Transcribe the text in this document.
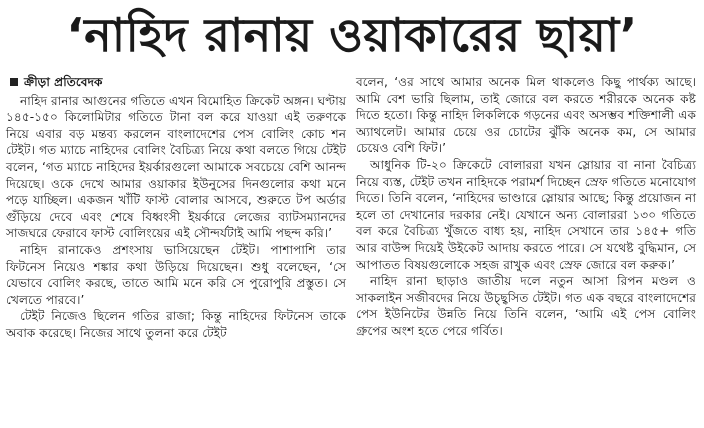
‘নাহিদ রানায় ওয়াকারের ছায়া’
ক্রীড়া প্রতিবেদক

নাহিদ রানার আগুনের গতিতে এখন বিমোহিত ক্রিকেট অঙ্গন। ঘণ্টায় ১৪৫-১৫০ কিলোমিটার গতিতে টানা বল করে যাওয়া এই তরুণকে নিয়ে এবার বড় মন্তব্য করলেন বাংলাদেশের পেস বোলিং কোচ শন টেইট। গত ম্যাচে নাহিদের বোলিং বৈচিত্র্য নিয়ে কথা বলতে গিয়ে টেইট বলেন, ‘গত ম্যাচে নাহিদের ইয়র্কারগুলো আমাকে সবচেয়ে বেশি আনন্দ দিয়েছে। ওকে দেখে আমার ওয়াকার ইউনুসের দিনগুলোর কথা মনে পড়ে যাচ্ছিল। একজন খাঁটি ফাস্ট বোলার আসবে, শুরুতে টপ অর্ডার গুঁড়িয়ে দেবে এবং শেষে বিধ্বংসী ইয়র্কারে লেজের ব্যাটসম্যানদের সাজঘরে ফেরাবে ফাস্ট বোলিংয়ের এই সৌন্দর্যটাই আমি পছন্দ করি।’

নাহিদ রানাকেও প্রশংসায় ভাসিয়েছেন টেইট। পাশাপাশি তার ফিটনেস নিয়েও শঙ্কার কথা উড়িয়ে দিয়েছেন। শুধু বলেছেন, ‘সে যেভাবে বোলিং করছে, তাতে আমি মনে করি সে পুরোপুরি প্রস্তুত। সে খেলতে পারবে।’

টেইট নিজেও ছিলেন গতির রাজা; কিন্তু নাহিদের ফিটনেস তাকে অবাক করেছে। নিজের সাথে তুলনা করে টেইট

বলেন, ‘ওর সাথে আমার অনেক মিল থাকলেও কিছু পার্থক্য আছে। আমি বেশ ভারি ছিলাম, তাই জোরে বল করতে শরীরকে অনেক কষ্ট দিতে হতো। কিন্তু নাহিদ লিকলিকে গড়নের এবং অসম্ভব শক্তিশালী এক অ্যাথলেট। আমার চেয়ে ওর চোটের ঝুঁকি অনেক কম, সে আমার চেয়েও বেশি ফিট।’

আধুনিক টি-২০ ক্রিকেটে বোলাররা যখন স্লোয়ার বা নানা বৈচিত্র্য নিয়ে ব্যস্ত, টেইট তখন নাহিদকে পরামর্শ দিচ্ছেন স্রেফ গতিতে মনোযোগ দিতে। তিনি বলেন, ‘নাহিদের ভাণ্ডারে স্লোয়ার আছে; কিন্তু প্রয়োজন না হলে তা দেখানোর দরকার নেই। যেখানে অন্য বোলাররা ১৩০ গতিতে বল করে বৈচিত্র্য খুঁজতে বাধ্য হয়, নাহিদ সেখানে তার ১৪৫+ গতি আর বাউন্স দিয়েই উইকেট আদায় করতে পারে। সে যথেষ্ট বুদ্ধিমান, সে আপাতত বিষয়গুলোকে সহজ রাখুক এবং স্রেফ জোরে বল করুক।’

নাহিদ রানা ছাড়াও জাতীয় দলে নতুন আসা রিপন মণ্ডল ও সাকলাইন সজীবদের নিয়ে উচ্ছ্বসিত টেইট। গত এক বছরে বাংলাদেশের পেস ইউনিটের উন্নতি নিয়ে তিনি বলেন, ‘আমি এই পেস বোলিং গ্রুপের অংশ হতে পেরে গর্বিত।
